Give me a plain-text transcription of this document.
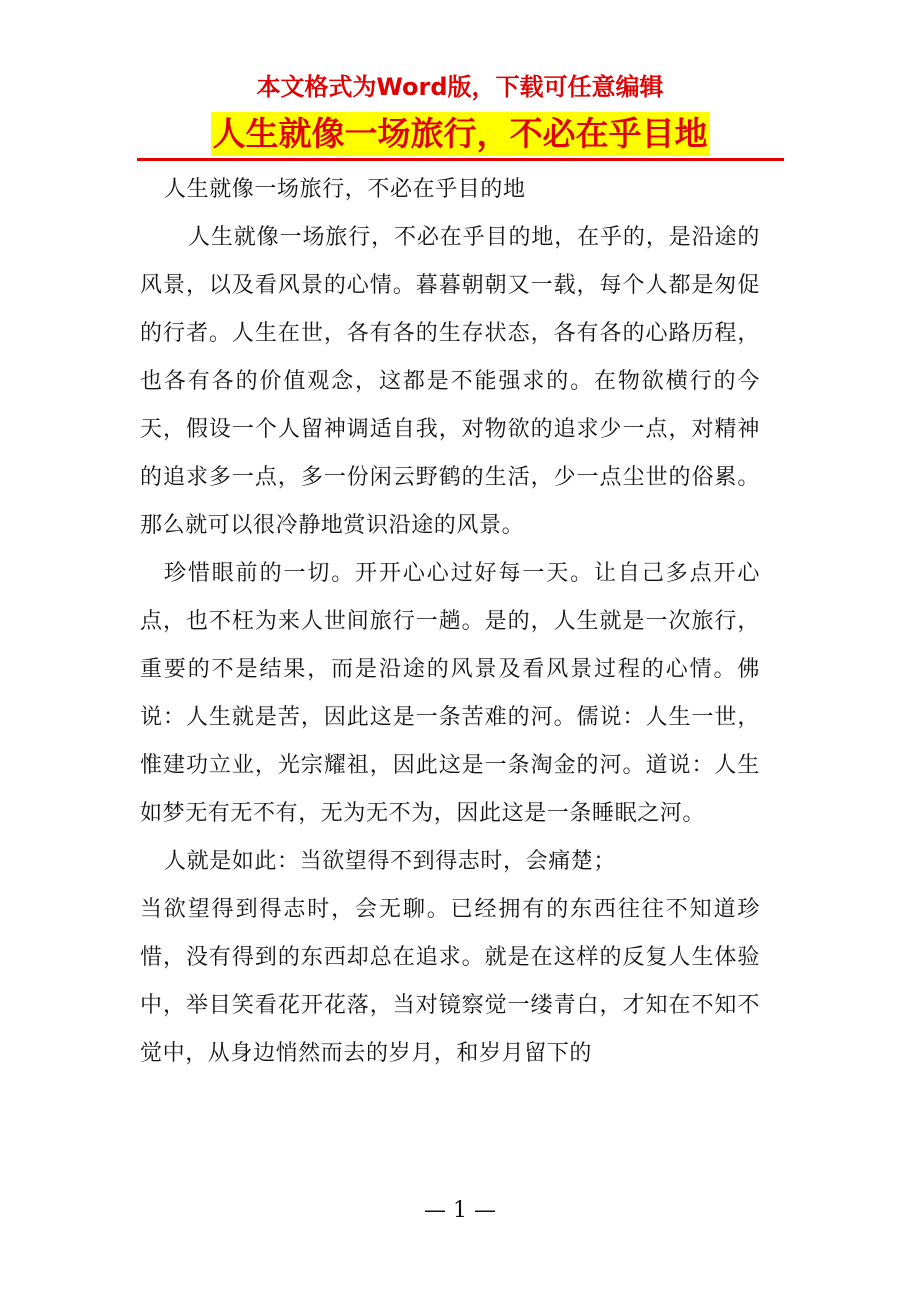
本文格式为Word版，下载可任意编辑
人生就像一场旅行，不必在乎目地

人生就像一场旅行，不必在乎目的地

人生就像一场旅行，不必在乎目的地，在乎的，是沿途的风景，以及看风景的心情。暮暮朝朝又一载，每个人都是匆促的行者。人生在世，各有各的生存状态，各有各的心路历程，也各有各的价值观念，这都是不能强求的。在物欲横行的今天，假设一个人留神调适自我，对物欲的追求少一点，对精神的追求多一点，多一份闲云野鹤的生活，少一点尘世的俗累。那么就可以很冷静地赏识沿途的风景。

珍惜眼前的一切。开开心心过好每一天。让自己多点开心点，也不枉为来人世间旅行一趟。是的，人生就是一次旅行，重要的不是结果，而是沿途的风景及看风景过程的心情。佛说：人生就是苦，因此这是一条苦难的河。儒说：人生一世，惟建功立业，光宗耀祖，因此这是一条淘金的河。道说：人生如梦无有无不有，无为无不为，因此这是一条睡眠之河。

人就是如此：当欲望得不到得志时，会痛楚；

当欲望得到得志时，会无聊。已经拥有的东西往往不知道珍惜，没有得到的东西却总在追求。就是在这样的反复人生体验中，举目笑看花开花落，当对镜察觉一缕青白，才知在不知不觉中，从身边悄然而去的岁月，和岁月留下的

— 1 —
